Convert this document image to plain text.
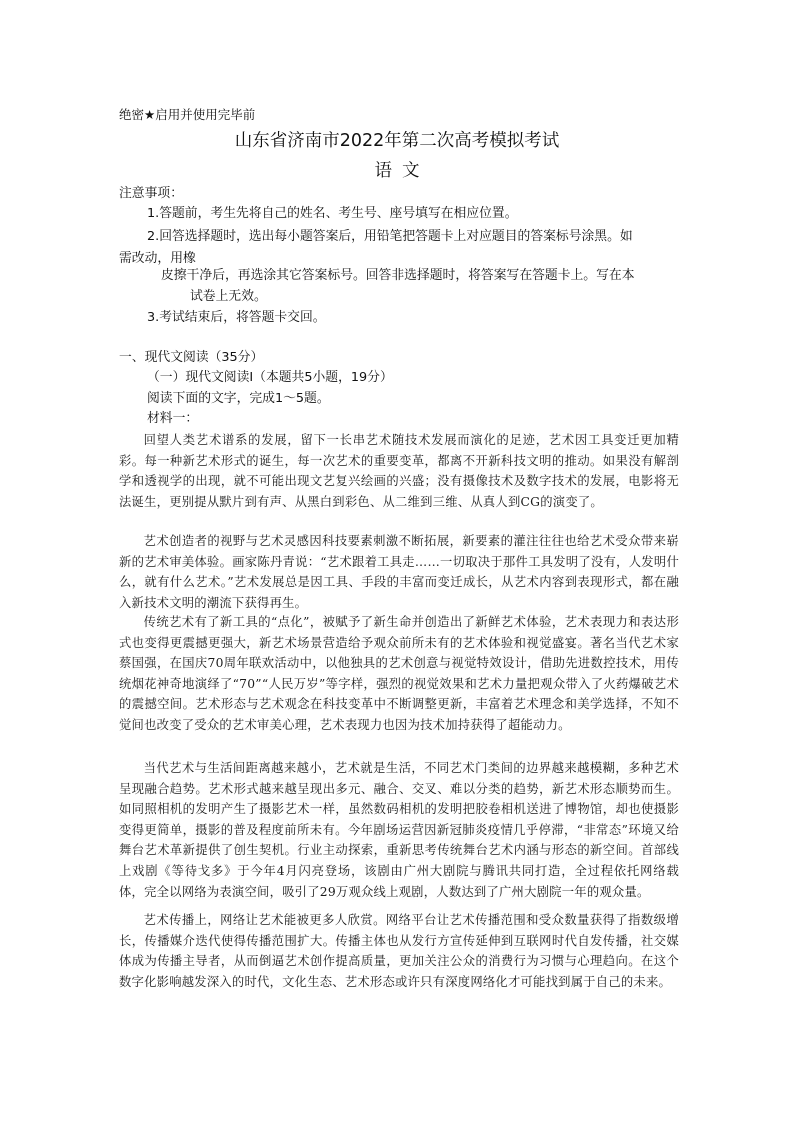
绝密★启用并使用完毕前
山东省济南市2022年第二次高考模拟考试
语文
注意事项：
1.答题前，考生先将自己的姓名、考生号、座号填写在相应位置。
2.回答选择题时，选出每小题答案后，用铅笔把答题卡上对应题目的答案标号涂黑。如
需改动，用橡
皮擦干净后，再选涂其它答案标号。回答非选择题时，将答案写在答题卡上。写在本
试卷上无效。
3.考试结束后，将答题卡交回。
一、现代文阅读（35分）
（一）现代文阅读Ⅰ（本题共5小题，19分）
阅读下面的文字，完成1～5题。
材料一：

回望人类艺术谱系的发展，留下一长串艺术随技术发展而演化的足迹，艺术因工具变迁更加精彩。每一种新艺术形式的诞生，每一次艺术的重要变革，都离不开新科技文明的推动。如果没有解剖学和透视学的出现，就不可能出现文艺复兴绘画的兴盛；没有摄像技术及数字技术的发展，电影将无法诞生，更别提从默片到有声、从黑白到彩色、从二维到三维、从真人到CG的演变了。

艺术创造者的视野与艺术灵感因科技要素刺激不断拓展，新要素的灌注往往也给艺术受众带来崭新的艺术审美体验。画家陈丹青说：“艺术跟着工具走……一切取决于那件工具发明了没有，人发明什么，就有什么艺术。”艺术发展总是因工具、手段的丰富而变迁成长，从艺术内容到表现形式，都在融入新技术文明的潮流下获得再生。

传统艺术有了新工具的“点化”，被赋予了新生命并创造出了新鲜艺术体验，艺术表现力和表达形式也变得更震撼更强大，新艺术场景营造给予观众前所未有的艺术体验和视觉盛宴。著名当代艺术家蔡国强，在国庆70周年联欢活动中，以他独具的艺术创意与视觉特效设计，借助先进数控技术，用传统烟花神奇地演绎了“70”“人民万岁”等字样，强烈的视觉效果和艺术力量把观众带入了火药爆破艺术的震撼空间。艺术形态与艺术观念在科技变革中不断调整更新，丰富着艺术理念和美学选择，不知不觉间也改变了受众的艺术审美心理，艺术表现力也因为技术加持获得了超能动力。

当代艺术与生活间距离越来越小，艺术就是生活，不同艺术门类间的边界越来越模糊，多种艺术呈现融合趋势。艺术形式越来越呈现出多元、融合、交叉、难以分类的趋势，新艺术形态顺势而生。如同照相机的发明产生了摄影艺术一样，虽然数码相机的发明把胶卷相机送进了博物馆，却也使摄影变得更简单，摄影的普及程度前所未有。今年剧场运营因新冠肺炎疫情几乎停滞，“非常态”环境又给舞台艺术革新提供了创生契机。行业主动探索，重新思考传统舞台艺术内涵与形态的新空间。首部线上戏剧《等待戈多》于今年4月闪亮登场，该剧由广州大剧院与腾讯共同打造，全过程依托网络载体，完全以网络为表演空间，吸引了29万观众线上观剧，人数达到了广州大剧院一年的观众量。

艺术传播上，网络让艺术能被更多人欣赏。网络平台让艺术传播范围和受众数量获得了指数级增长，传播媒介迭代使得传播范围扩大。传播主体也从发行方宣传延伸到互联网时代自发传播，社交媒体成为传播主导者，从而倒逼艺术创作提高质量，更加关注公众的消费行为习惯与心理趋向。在这个数字化影响越发深入的时代，文化生态、艺术形态或许只有深度网络化才可能找到属于自己的未来。
